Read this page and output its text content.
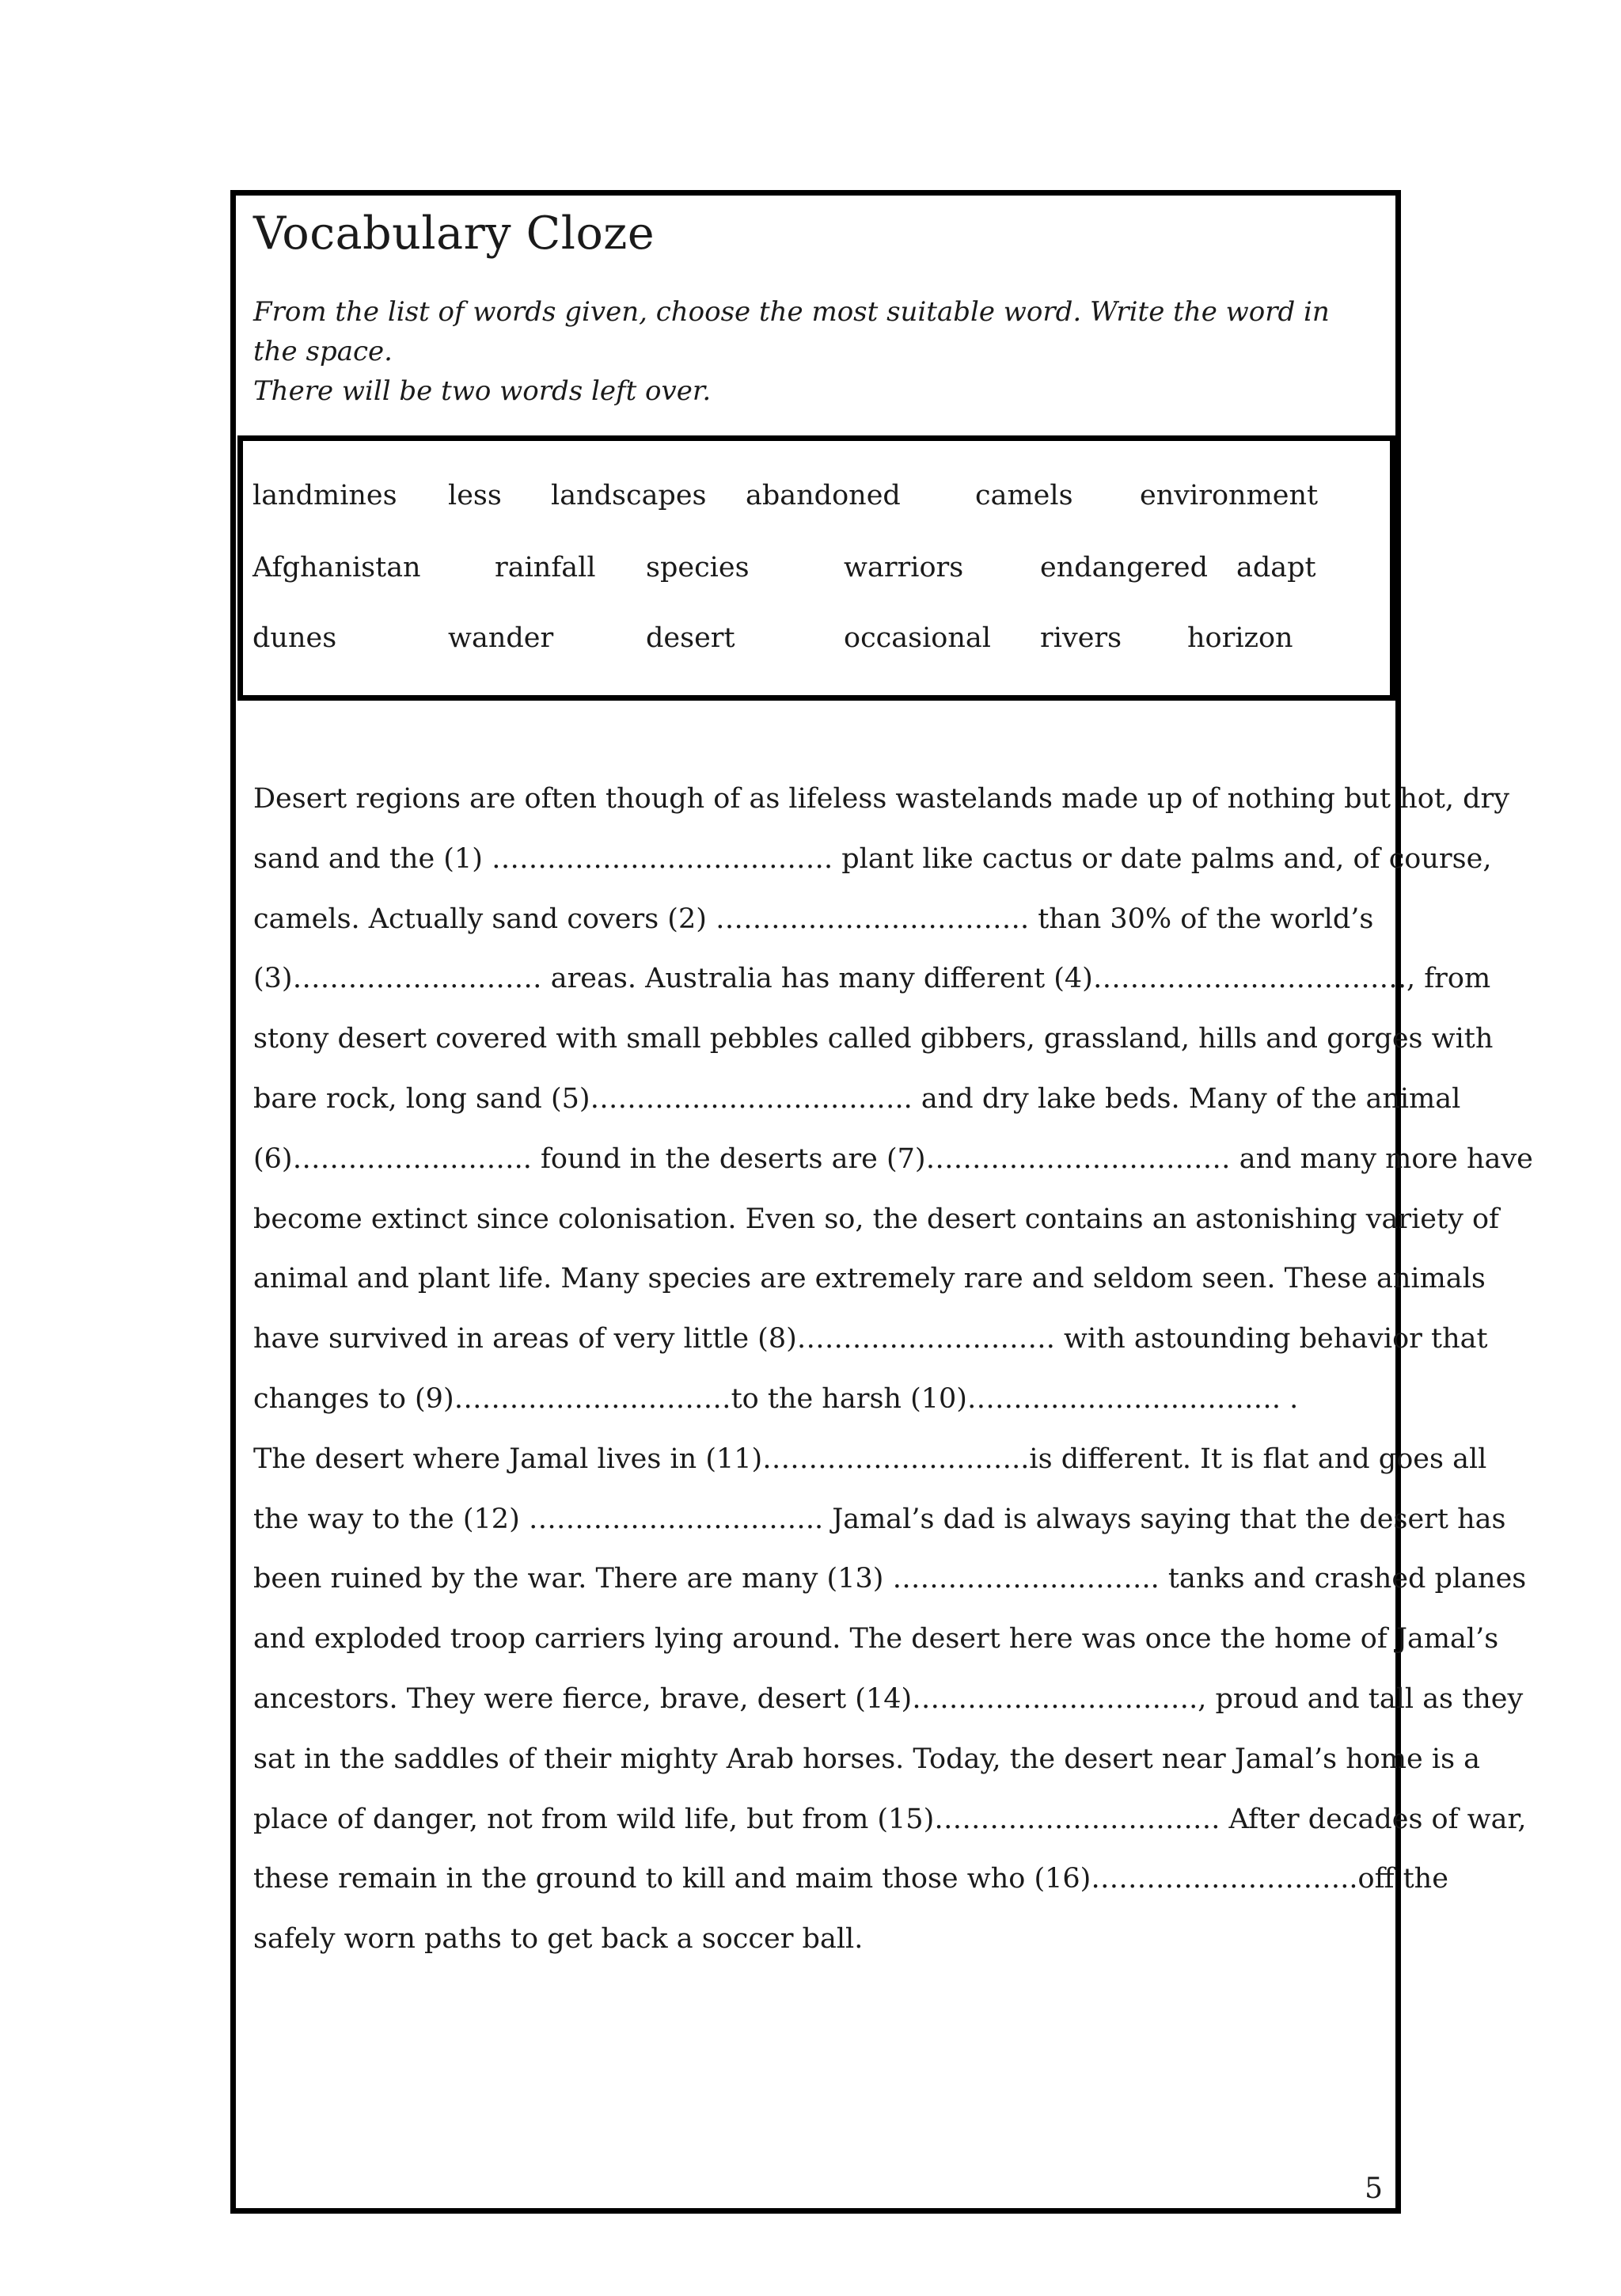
Vocabulary Cloze
From the list of words given, choose the most suitable word. Write the word in the space.
There will be two words left over.
landmines less landscapes abandoned	camels environment
Afghanistan	rainfall species	warriors	endangered adapt
dunes	wander	desert	occasional rivers horizon
Desert regions are often though of as lifeless wastelands made up of nothing but hot, dry
sand and the (1) ………………………………. plant like cactus or date palms and, of course,
camels. Actually sand covers (2) ……………………………. than 30% of the world’s
(3)……………………… areas. Australia has many different (4)……………………………., from
stony desert covered with small pebbles called gibbers, grassland, hills and gorges with
bare rock, long sand (5)…………………………….. and dry lake beds. Many of the animal
(6)…………………….. found in the deserts are (7)…………………………… and many more have
become extinct since colonisation. Even so, the desert contains an astonishing variety of
animal and plant life. Many species are extremely rare and seldom seen. These animals
have survived in areas of very little (8)………………………. with astounding behavior that
changes to (9)…………………………to the harsh (10)……………………………. .
The desert where Jamal lives in (11)………………………..is different. It is flat and goes all
the way to the (12) ………………………….. Jamal’s dad is always saying that the desert has
been ruined by the war. There are many (13) ……………………….. tanks and crashed planes
and exploded troop carriers lying around. The desert here was once the home of Jamal’s
ancestors. They were fierce, brave, desert (14)…………………………., proud and tall as they
sat in the saddles of their mighty Arab horses. Today, the desert near Jamal’s home is a
place of danger, not from wild life, but from (15)…………………………. After decades of war,
these remain in the ground to kill and maim those who (16)………………………..off the
safely worn paths to get back a soccer ball.
5
